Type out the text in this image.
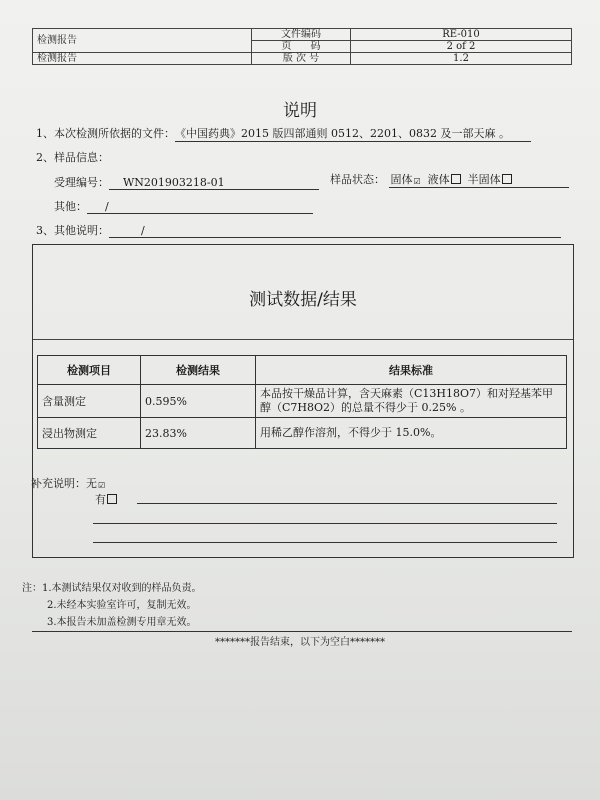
检测报告	文件编码	RE-010
	页      码	2 of 2
检测报告	版 次 号	1.2
说明
1、本次检测所依据的文件：《中国药典》2015 版四部通则 0512、2201、0832 及一部天麻 。
2、样品信息：
受理编号： WN201903218-01	样品状态： 固体☑ 液体 半固体
其他： /
3、其他说明：	/
测试数据/结果
检测项目	检测结果	结果标准
含量测定	0.595%	本品按干燥品计算，含天麻素（C13H18O7）和对羟基苯甲醇（C7H8O2）的总量不得少于 0.25% 。
浸出物测定	23.83%	用稀乙醇作溶剂，不得少于 15.0%。
补充说明：无☑
有
注：1.本测试结果仅对收到的样品负责。
2.未经本实验室许可，复制无效。
3.本报告未加盖检测专用章无效。
*******报告结束，以下为空白*******
